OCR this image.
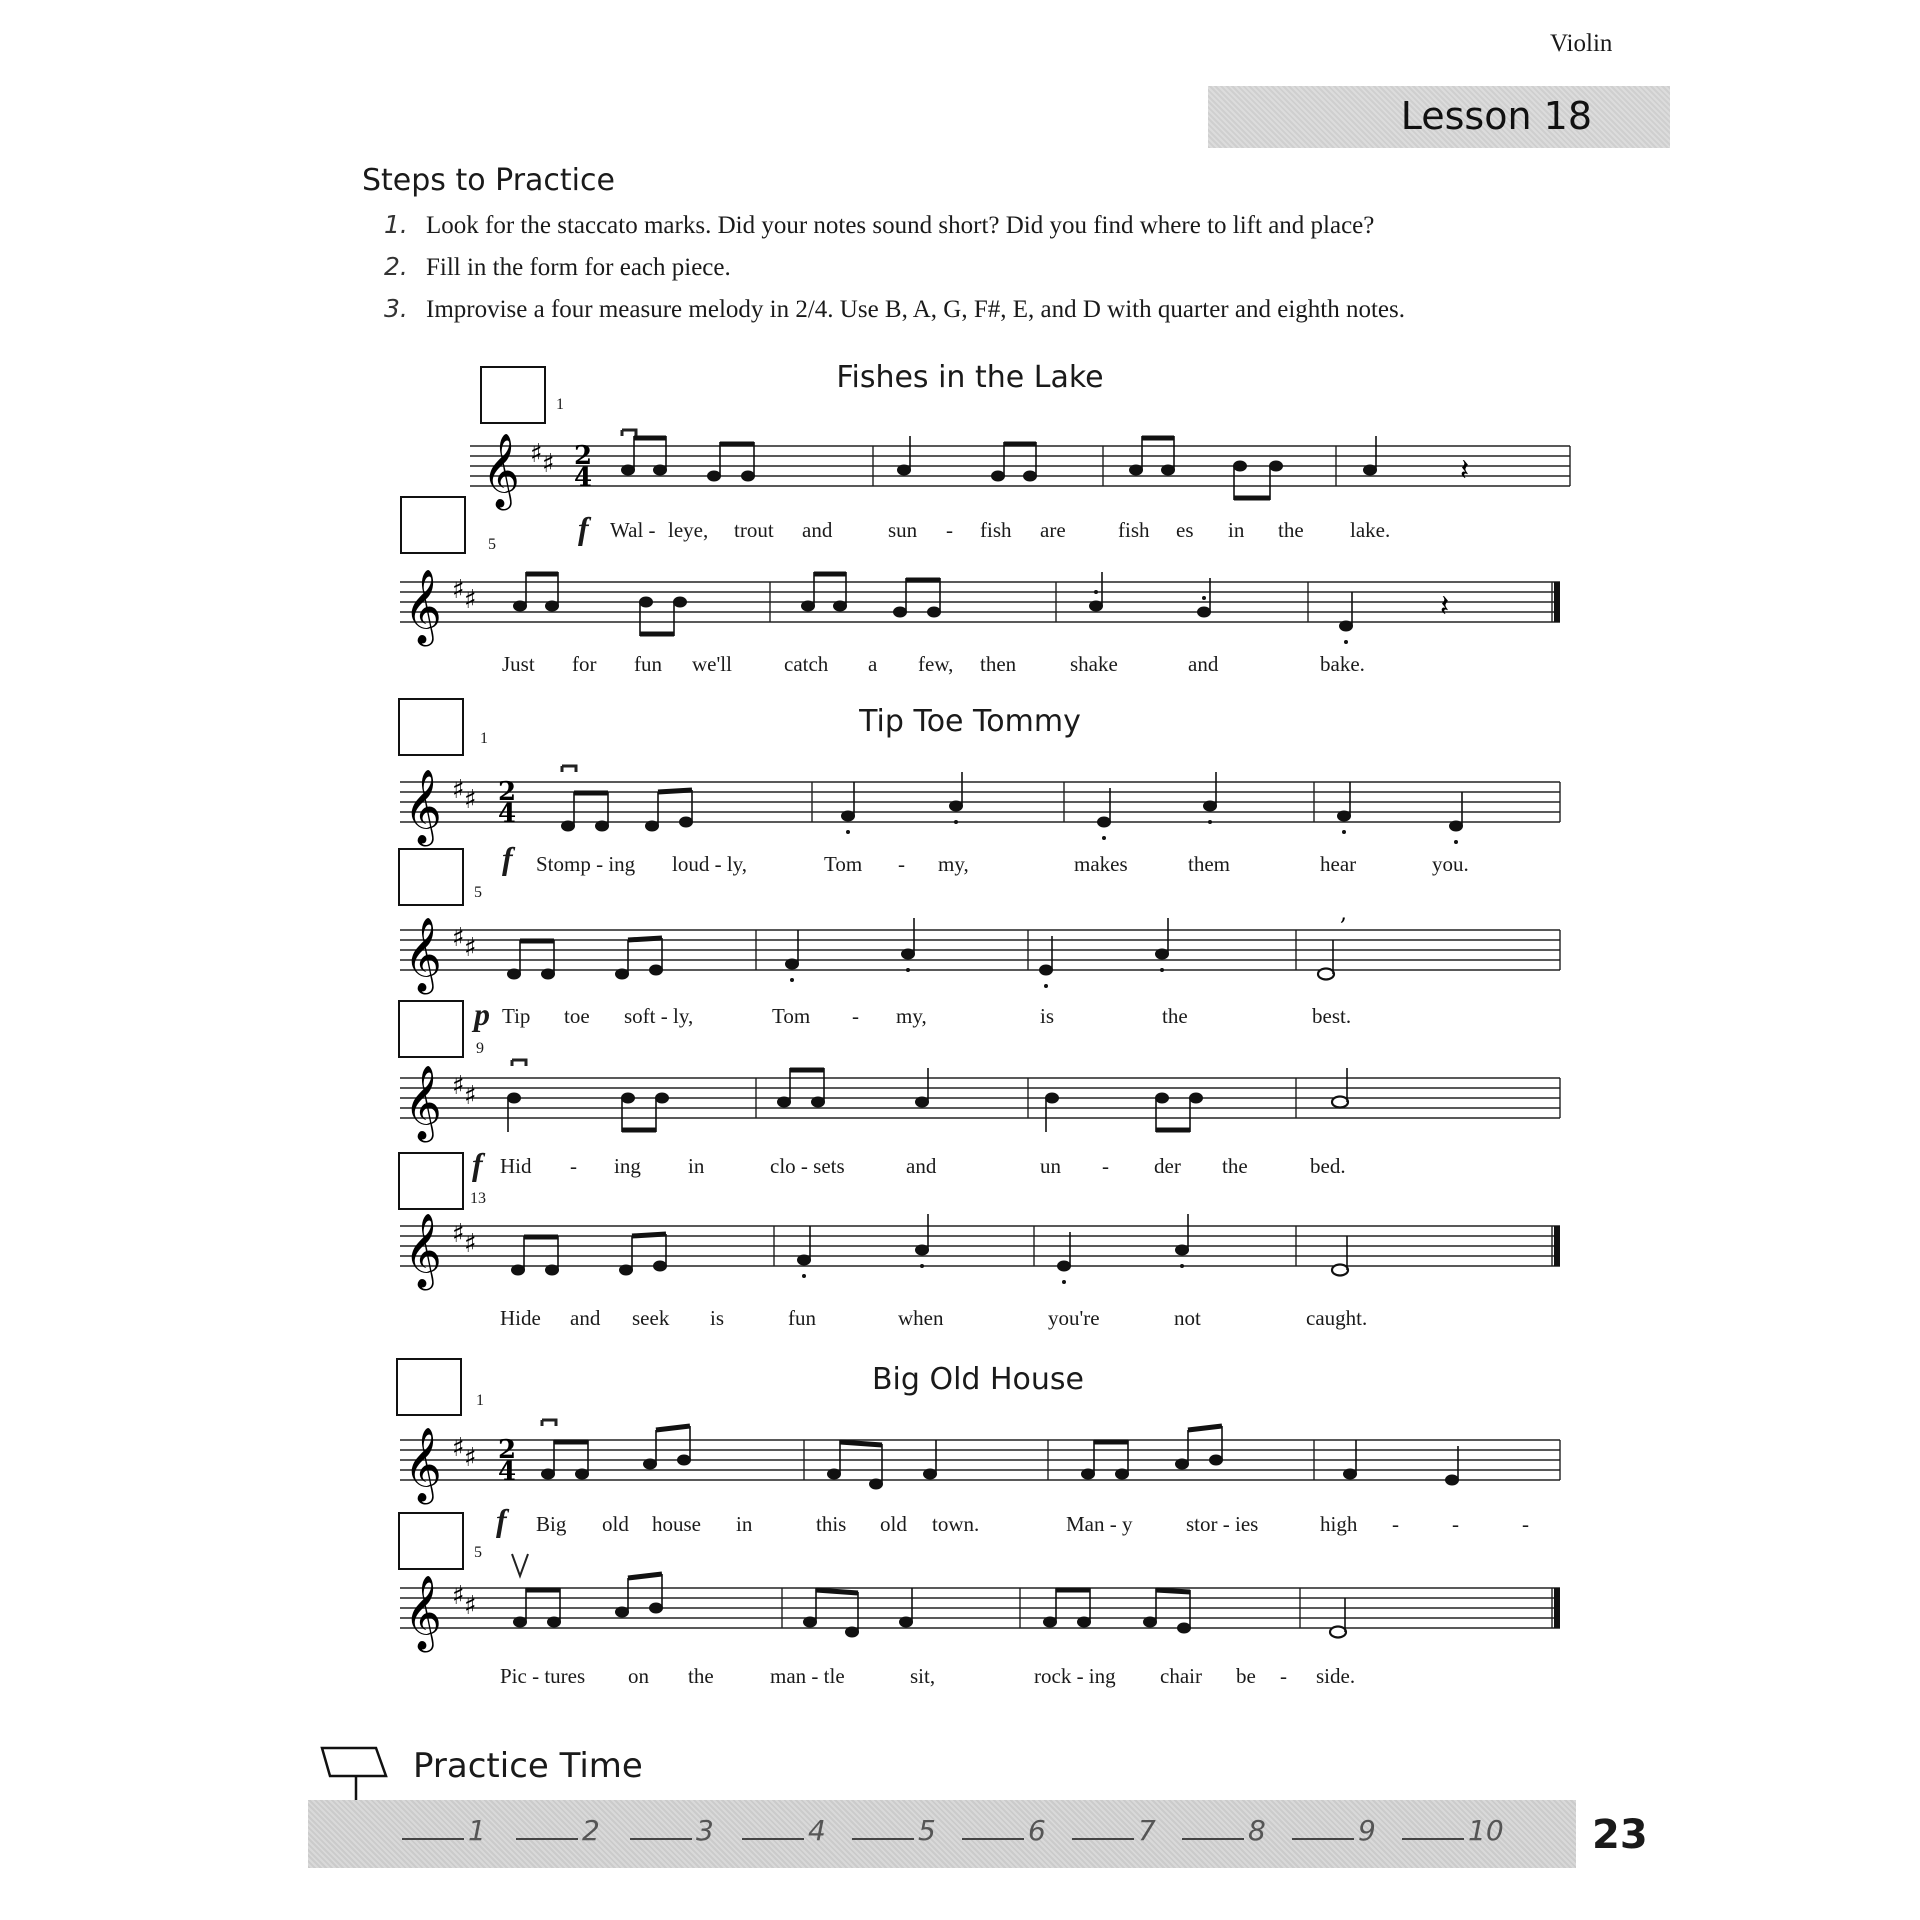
Violin
Lesson 18
Steps to Practice
1. Look for the staccato marks. Did your notes sound short? Did you find where to lift and place?
2. Fill in the form for each piece.
3. Improvise a four measure melody in 2/4. Use B, A, G, F#, E, and D with quarter and eighth notes.
Fishes in the Lake
1
𝄞 ♯ ♯ 2
4	𝄽
5	f Wal - leye, trout and	sun - fish are fish es in the lake.
𝄞 ♯ ♯	𝄽
Just for fun we'll catch a few, then	shake	and	bake.
Tip Toe Tommy
1
𝄞 ♯ ♯ 2
4
5
f Stomp - ing loud - ly,	Tom - my,	makes	them	hear	you.
𝄞 ♯ ♯
,
9
p Tip toe soft - ly,	Tom - my,	is	the	best.
𝄞 ♯ ♯
13
f Hid - ing in	clo - sets	and	un - der the	bed.
𝄞 ♯ ♯
Hide and seek is	fun	when	you're	not	caught.
Big Old House
1
𝄞 ♯ ♯ 2
4
5
f Big old house in	this old town.	Man - y	stor - ies	high -	-	-
𝄞 ♯ ♯
Pic - tures on the	man - tle	sit,	rock - ing chair be - side.
Practice Time
1	2	3	4	5	6	7	8	9	10 23
